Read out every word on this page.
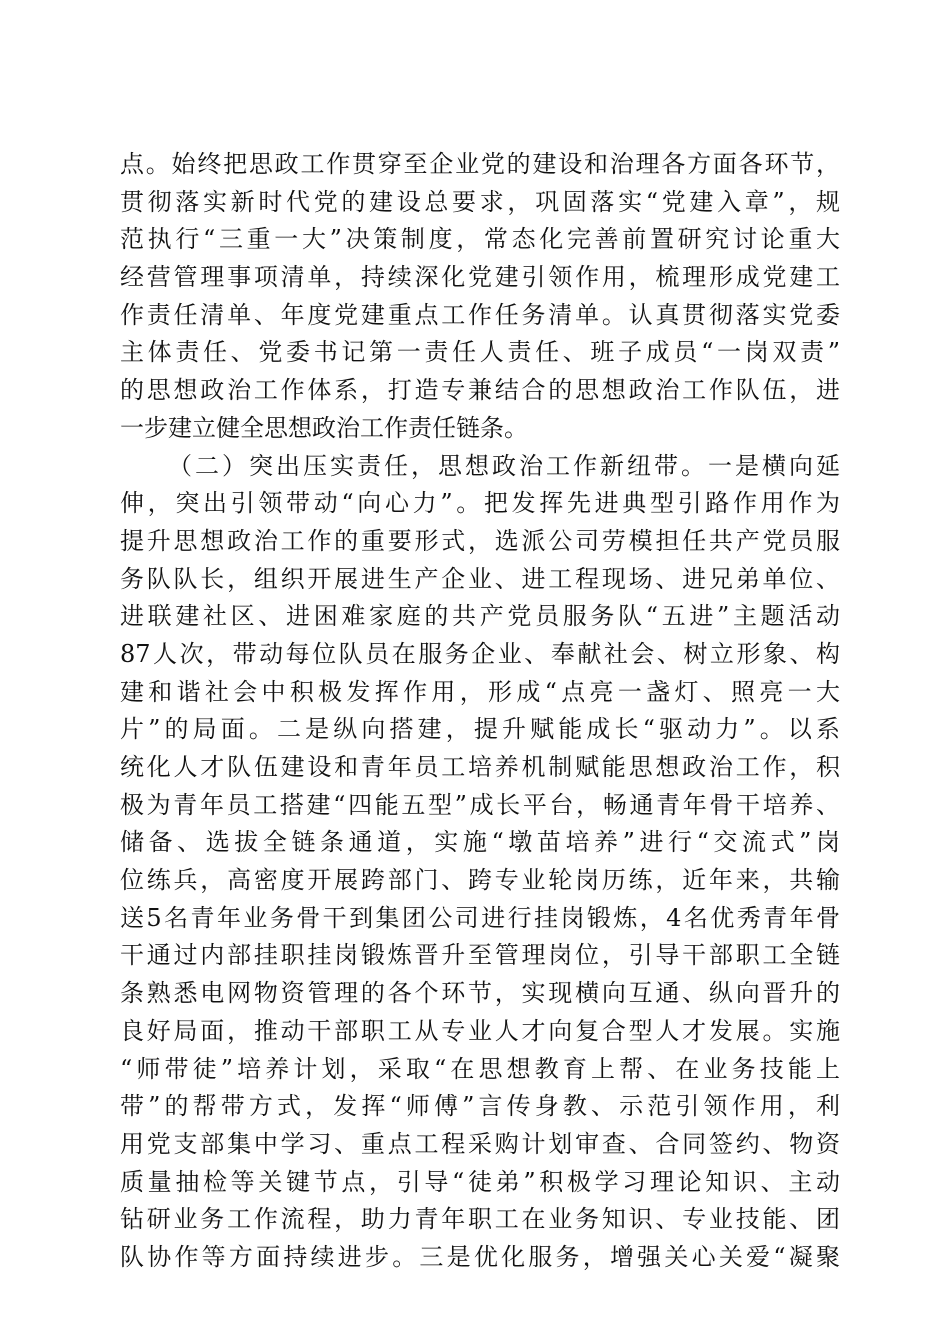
点。始终把思政工作贯穿至企业党的建设和治理各方面各环节，
贯彻落实新时代党的建设总要求，巩固落实“党建入章”，规
范执行“三重一大”决策制度，常态化完善前置研究讨论重大
经营管理事项清单，持续深化党建引领作用，梳理形成党建工
作责任清单、年度党建重点工作任务清单。认真贯彻落实党委
主体责任、党委书记第一责任人责任、班子成员“一岗双责”
的思想政治工作体系，打造专兼结合的思想政治工作队伍，进
一步建立健全思想政治工作责任链条。
（二）突出压实责任，思想政治工作新纽带。一是横向延
伸，突出引领带动“向心力”。把发挥先进典型引路作用作为
提升思想政治工作的重要形式，选派公司劳模担任共产党员服
务队队长，组织开展进生产企业、进工程现场、进兄弟单位、
进联建社区、进困难家庭的共产党员服务队“五进”主题活动
87人次，带动每位队员在服务企业、奉献社会、树立形象、构
建和谐社会中积极发挥作用，形成“点亮一盏灯、照亮一大
片”的局面。二是纵向搭建，提升赋能成长“驱动力”。以系
统化人才队伍建设和青年员工培养机制赋能思想政治工作，积
极为青年员工搭建“四能五型”成长平台，畅通青年骨干培养、
储备、选拔全链条通道，实施“墩苗培养”进行“交流式”岗
位练兵，高密度开展跨部门、跨专业轮岗历练，近年来，共输
送5名青年业务骨干到集团公司进行挂岗锻炼，4名优秀青年骨
干通过内部挂职挂岗锻炼晋升至管理岗位，引导干部职工全链
条熟悉电网物资管理的各个环节，实现横向互通、纵向晋升的
良好局面，推动干部职工从专业人才向复合型人才发展。实施
“师带徒”培养计划，采取“在思想教育上帮、在业务技能上
带”的帮带方式，发挥“师傅”言传身教、示范引领作用，利
用党支部集中学习、重点工程采购计划审查、合同签约、物资
质量抽检等关键节点，引导“徒弟”积极学习理论知识、主动
钻研业务工作流程，助力青年职工在业务知识、专业技能、团
队协作等方面持续进步。三是优化服务，增强关心关爱“凝聚
